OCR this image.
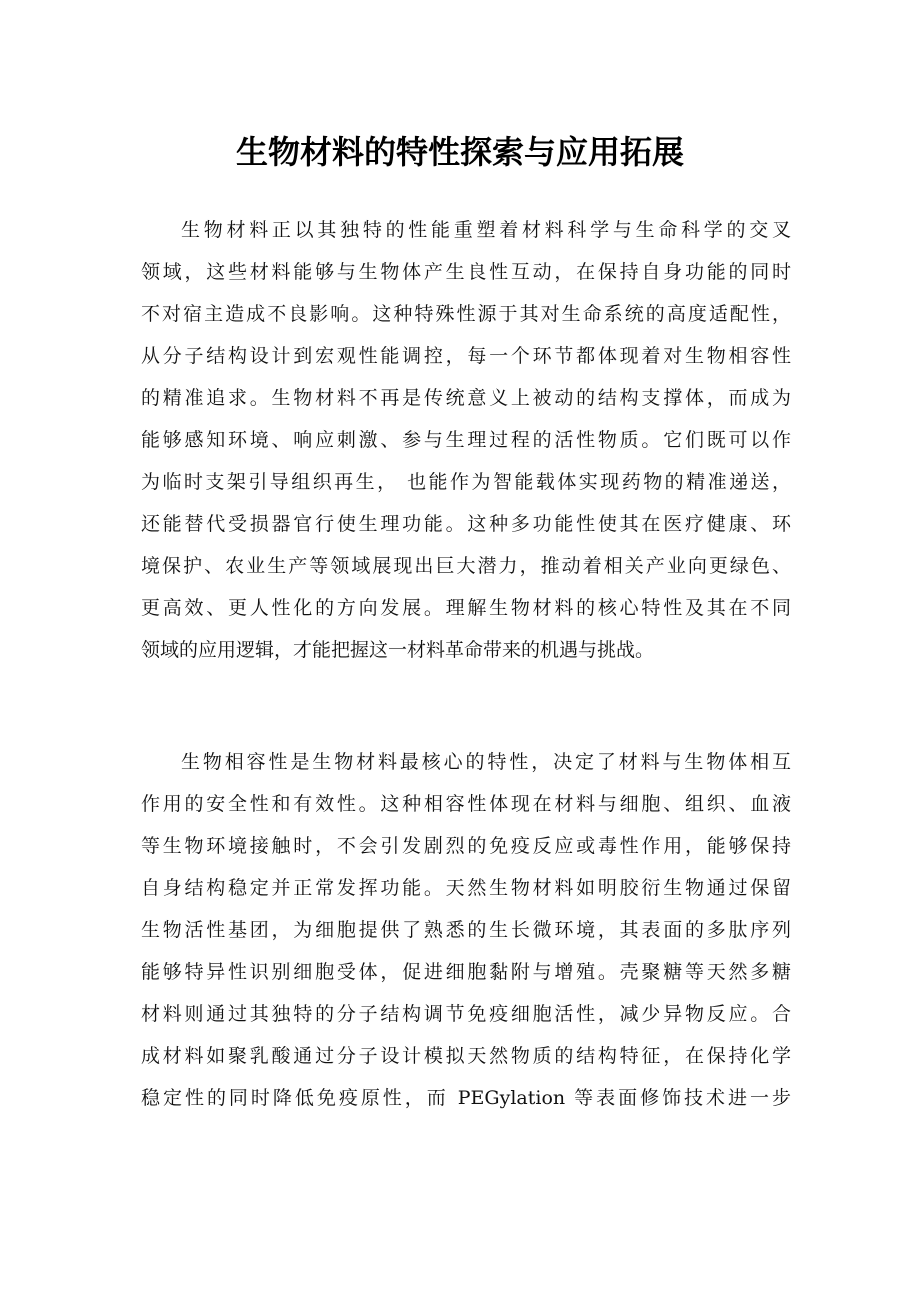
生物材料的特性探索与应用拓展
生物材料正以其独特的性能重塑着材料科学与生命科学的交叉
领域，这些材料能够与生物体产生良性互动，在保持自身功能的同时
不对宿主造成不良影响。这种特殊性源于其对生命系统的高度适配性，
从分子结构设计到宏观性能调控，每一个环节都体现着对生物相容性
的精准追求。生物材料不再是传统意义上被动的结构支撑体，而成为
能够感知环境、响应刺激、参与生理过程的活性物质。它们既可以作
为临时支架引导组织再生， 也能作为智能载体实现药物的精准递送，
还能替代受损器官行使生理功能。这种多功能性使其在医疗健康、环
境保护、农业生产等领域展现出巨大潜力，推动着相关产业向更绿色、
更高效、更人性化的方向发展。理解生物材料的核心特性及其在不同
领域的应用逻辑，才能把握这一材料革命带来的机遇与挑战。
生物相容性是生物材料最核心的特性，决定了材料与生物体相互
作用的安全性和有效性。这种相容性体现在材料与细胞、组织、血液
等生物环境接触时，不会引发剧烈的免疫反应或毒性作用，能够保持
自身结构稳定并正常发挥功能。天然生物材料如明胶衍生物通过保留
生物活性基团，为细胞提供了熟悉的生长微环境，其表面的多肽序列
能够特异性识别细胞受体，促进细胞黏附与增殖。壳聚糖等天然多糖
材料则通过其独特的分子结构调节免疫细胞活性，减少异物反应。合
成材料如聚乳酸通过分子设计模拟天然物质的结构特征，在保持化学
稳定性的同时降低免疫原性，而 PEGylation 等表面修饰技术进一步
